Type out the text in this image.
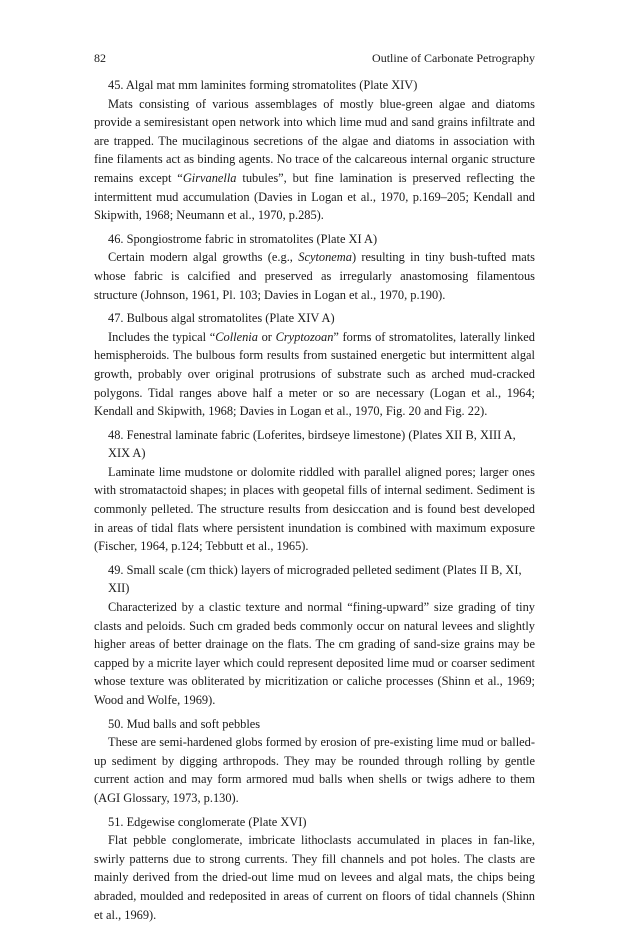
82	Outline of Carbonate Petrography

45. Algal mat mm laminites forming stromatolites (Plate XIV)

Mats consisting of various assemblages of mostly blue-green algae and diatoms provide a semiresistant open network into which lime mud and sand grains infiltrate and are trapped. The mucilaginous secretions of the algae and diatoms in association with fine filaments act as binding agents. No trace of the calcareous internal organic structure remains except “Girvanella tubules”, but fine lamination is preserved reflecting the intermittent mud accumulation (Davies in Logan et al., 1970, p.169–205; Kendall and Skipwith, 1968; Neumann et al., 1970, p.285).

46. Spongiostrome fabric in stromatolites (Plate XI A)

Certain modern algal growths (e.g., Scytonema) resulting in tiny bush-tufted mats whose fabric is calcified and preserved as irregularly anastomosing filamentous structure (Johnson, 1961, Pl. 103; Davies in Logan et al., 1970, p.190).

47. Bulbous algal stromatolites (Plate XIV A)

Includes the typical “Collenia or Cryptozoan” forms of stromatolites, laterally linked hemispheroids. The bulbous form results from sustained energetic but intermittent algal growth, probably over original protrusions of substrate such as arched mud-cracked polygons. Tidal ranges above half a meter or so are necessary (Logan et al., 1964; Kendall and Skipwith, 1968; Davies in Logan et al., 1970, Fig. 20 and Fig. 22).

48. Fenestral laminate fabric (Loferites, birdseye limestone) (Plates XII B, XIII A, XIX A)

Laminate lime mudstone or dolomite riddled with parallel aligned pores; larger ones with stromatactoid shapes; in places with geopetal fills of internal sediment. Sediment is commonly pelleted. The structure results from desiccation and is found best developed in areas of tidal flats where persistent inundation is combined with maximum exposure (Fischer, 1964, p.124; Tebbutt et al., 1965).

49. Small scale (cm thick) layers of micrograded pelleted sediment (Plates II B, XI, XII)

Characterized by a clastic texture and normal “fining-upward” size grading of tiny clasts and peloids. Such cm graded beds commonly occur on natural levees and slightly higher areas of better drainage on the flats. The cm grading of sand-size grains may be capped by a micrite layer which could represent deposited lime mud or coarser sediment whose texture was obliterated by micritization or caliche processes (Shinn et al., 1969; Wood and Wolfe, 1969).

50. Mud balls and soft pebbles

These are semi-hardened globs formed by erosion of pre-existing lime mud or balled-up sediment by digging arthropods. They may be rounded through rolling by gentle current action and may form armored mud balls when shells or twigs adhere to them (AGI Glossary, 1973, p.130).

51. Edgewise conglomerate (Plate XVI)

Flat pebble conglomerate, imbricate lithoclasts accumulated in places in fan-like, swirly patterns due to strong currents. They fill channels and pot holes. The clasts are mainly derived from the dried-out lime mud on levees and algal mats, the chips being abraded, moulded and redeposited in areas of current on floors of tidal channels (Shinn et al., 1969).
